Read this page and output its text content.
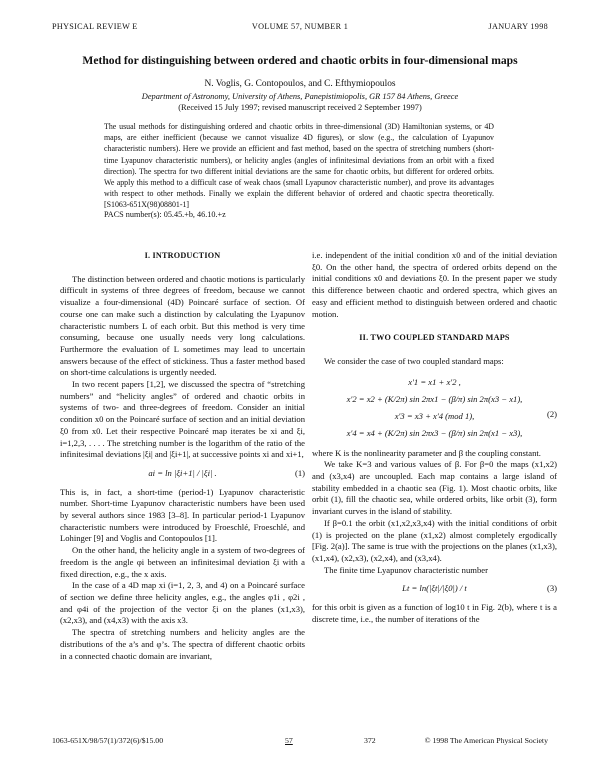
PHYSICAL REVIEW E	VOLUME 57, NUMBER 1	JANUARY 1998
Method for distinguishing between ordered and chaotic orbits in four-dimensional maps
N. Voglis, G. Contopoulos, and C. Efthymiopoulos
Department of Astronomy, University of Athens, Panepistimiopolis, GR 157 84 Athens, Greece
(Received 15 July 1997; revised manuscript received 2 September 1997)
The usual methods for distinguishing ordered and chaotic orbits in three-dimensional (3D) Hamiltonian systems, or 4D maps, are either inefficient (because we cannot visualize 4D figures), or slow (e.g., the calculation of Lyapunov characteristic numbers). Here we provide an efficient and fast method, based on the spectra of stretching numbers (short-time Lyapunov characteristic numbers), or helicity angles (angles of infinitesimal deviations from an orbit with a fixed direction). The spectra for two different initial deviations are the same for chaotic orbits, but different for ordered orbits. We apply this method to a difficult case of weak chaos (small Lyapunov characteristic number), and prove its advantages with respect to other methods. Finally we explain the different behavior of ordered and chaotic spectra theoretically. [S1063-651X(98)08801-1]
PACS number(s): 05.45.+b, 46.10.+z
I. INTRODUCTION

The distinction between ordered and chaotic motions is particularly difficult in systems of three degrees of freedom, because we cannot visualize a four-dimensional (4D) Poincaré surface of section. Of course one can make such a distinction by calculating the Lyapunov characteristic numbers L of each orbit. But this method is very time consuming, because one usually needs very long calculations. Furthermore the evaluation of L sometimes may lead to uncertain answers because of the effect of stickiness. Thus a faster method based on short-time calculations is urgently needed.

In two recent papers [1,2], we discussed the spectra of “stretching numbers” and “helicity angles” of ordered and chaotic orbits in systems of two- and three-degrees of freedom. Consider an initial condition x0 on the Poincaré surface of section and an initial deviation ξ0 from x0. Let their respective Poincaré map iterates be xi and ξi, i=1,2,3, . . . . The stretching number is the logarithm of the ratio of the infinitesimal deviations |ξi| and |ξi+1|, at successive points xi and xi+1,

ai = ln |ξi+1| / |ξi| .	(1)

This is, in fact, a short-time (period-1) Lyapunov characteristic number. Short-time Lyapunov characteristic numbers have been used by several authors since 1983 [3–8]. In particular period-1 Lyapunov characteristic numbers were introduced by Froeschlé, Froeschlé, and Lohinger [9] and Voglis and Contopoulos [1].

On the other hand, the helicity angle in a system of two-degrees of freedom is the angle φi between an infinitesimal deviation ξi with a fixed direction, e.g., the x axis.

In the case of a 4D map xi (i=1, 2, 3, and 4) on a Poincaré surface of section we define three helicity angles, e.g., the angles φ1i , φ2i , and φ4i of the projection of the vector ξi on the planes (x1,x3), (x2,x3), and (x4,x3) with the axis x3.

The spectra of stretching numbers and helicity angles are the distributions of the a’s and φ’s. The spectra of different chaotic orbits in a connected chaotic domain are invariant,

i.e. independent of the initial condition x0 and of the initial deviation ξ0. On the other hand, the spectra of ordered orbits depend on the initial conditions x0 and deviations ξ0. In the present paper we study this difference between chaotic and ordered spectra, which gives an easy and efficient method to distinguish between ordered and chaotic motion.

II. TWO COUPLED STANDARD MAPS

We consider the case of two coupled standard maps:

x′1 = x1 + x′2 ,
x′2 = x2 + (K/2π) sin 2πx1 − (β/π) sin 2π(x3 − x1),
x′3 = x3 + x′4 (mod 1),
x′4 = x4 + (K/2π) sin 2πx3 − (β/π) sin 2π(x1 − x3),
(2)

where K is the nonlinearity parameter and β the coupling constant.

We take K=3 and various values of β. For β=0 the maps (x1,x2) and (x3,x4) are uncoupled. Each map contains a large island of stability embedded in a chaotic sea (Fig. 1). Most chaotic orbits, like orbit (1), fill the chaotic sea, while ordered orbits, like orbit (3), form invariant curves in the island of stability.

If β=0.1 the orbit (x1,x2,x3,x4) with the initial conditions of orbit (1) is projected on the plane (x1,x2) almost completely ergodically [Fig. 2(a)]. The same is true with the projections on the planes (x1,x3), (x1,x4), (x2,x3), (x2,x4), and (x3,x4).

The finite time Lyapunov characteristic number

Lt = ln(|ξt|/|ξ0|) / t	(3)

for this orbit is given as a function of log10 t in Fig. 2(b), where t is a discrete time, i.e., the number of iterations of the

1063-651X/98/57(1)/372(6)/$15.00	57	372	© 1998 The American Physical Society
